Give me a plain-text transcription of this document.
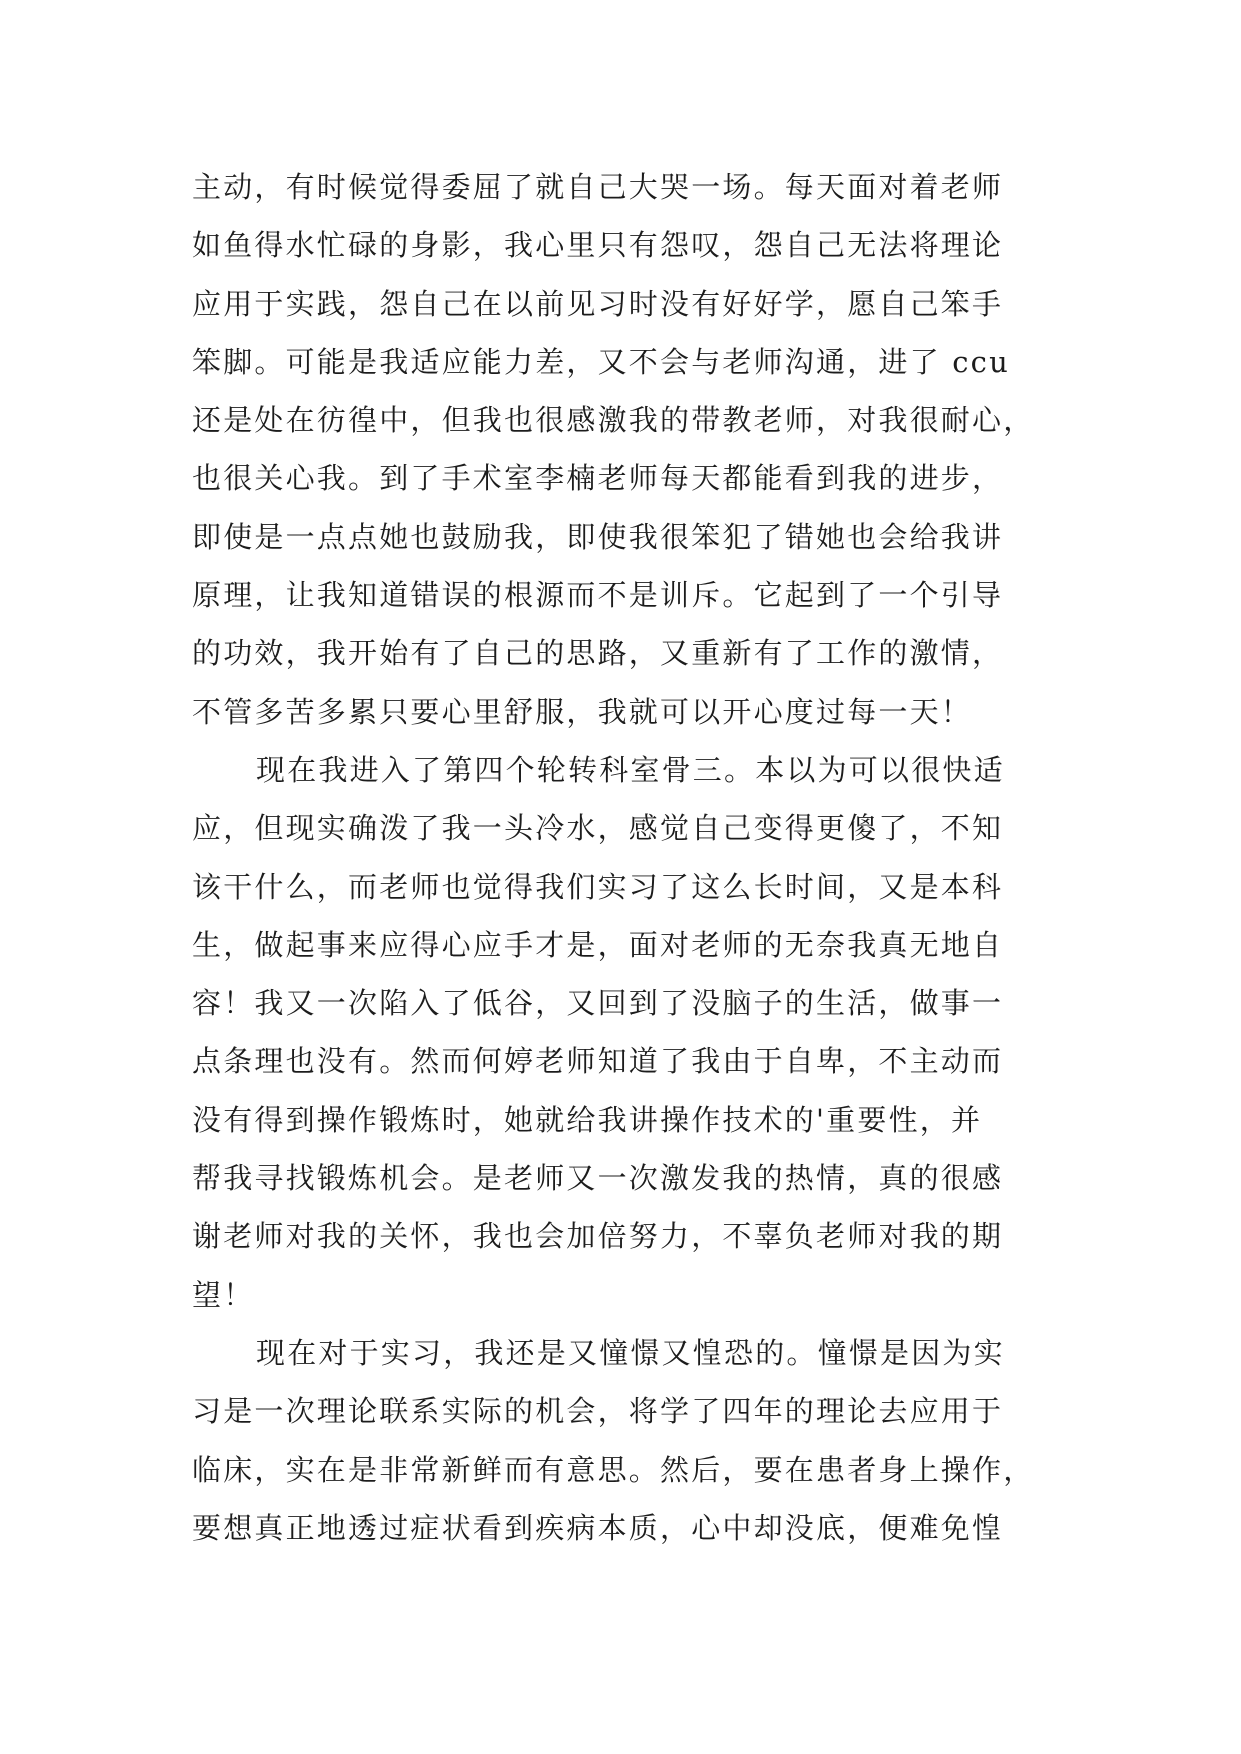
主动，有时候觉得委屈了就自己大哭一场。每天面对着老师
如鱼得水忙碌的身影，我心里只有怨叹，怨自己无法将理论
应用于实践，怨自己在以前见习时没有好好学，愿自己笨手
笨脚。可能是我适应能力差，又不会与老师沟通，进了 ccu
还是处在彷徨中，但我也很感激我的带教老师，对我很耐心，
也很关心我。到了手术室李楠老师每天都能看到我的进步，
即使是一点点她也鼓励我，即使我很笨犯了错她也会给我讲
原理，让我知道错误的根源而不是训斥。它起到了一个引导
的功效，我开始有了自己的思路，又重新有了工作的激情，
不管多苦多累只要心里舒服，我就可以开心度过每一天！
现在我进入了第四个轮转科室骨三。本以为可以很快适
应，但现实确泼了我一头冷水，感觉自己变得更傻了，不知
该干什么，而老师也觉得我们实习了这么长时间，又是本科
生，做起事来应得心应手才是，面对老师的无奈我真无地自
容！我又一次陷入了低谷，又回到了没脑子的生活，做事一
点条理也没有。然而何婷老师知道了我由于自卑，不主动而
没有得到操作锻炼时，她就给我讲操作技术的'重要性，并
帮我寻找锻炼机会。是老师又一次激发我的热情，真的很感
谢老师对我的关怀，我也会加倍努力，不辜负老师对我的期
望！
现在对于实习，我还是又憧憬又惶恐的。憧憬是因为实
习是一次理论联系实际的机会，将学了四年的理论去应用于
临床，实在是非常新鲜而有意思。然后，要在患者身上操作，
要想真正地透过症状看到疾病本质，心中却没底，便难免惶
